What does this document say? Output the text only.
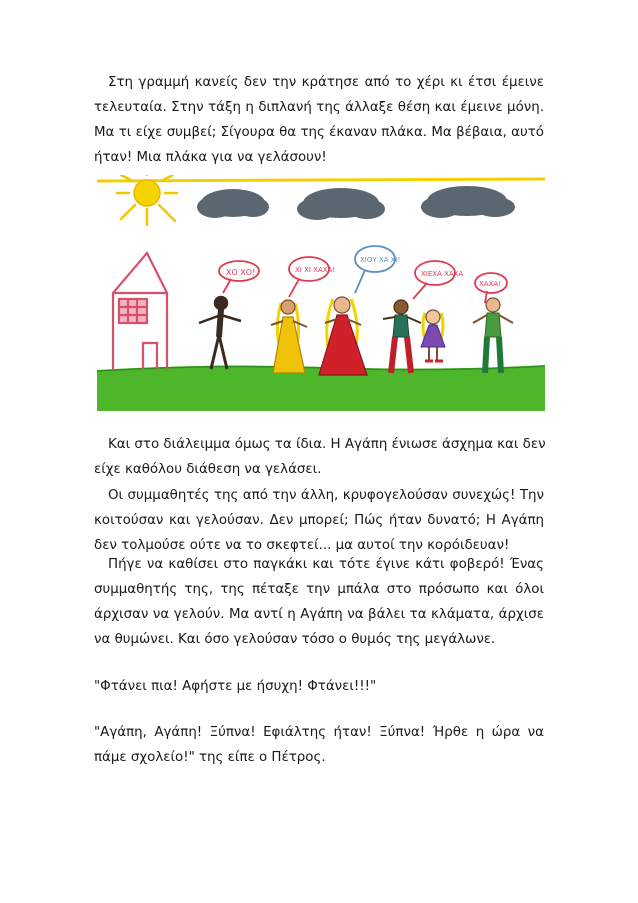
Στη γραμμή κανείς δεν την κράτησε από το χέρι κι έτσι έμεινε
τελευταία. Στην τάξη η διπλανή της άλλαξε θέση και έμεινε μόνη.
Μα τι είχε συμβεί; Σίγουρα θα της έκαναν πλάκα. Μα βέβαια, αυτό
ήταν! Μια πλάκα για να γελάσουν!
ΧΟ ΧΟ!	ΧΙ ΧΙ ΧΑΧΑ!
ΧΙΟΥ ΧΑ ΧΙ!
ΧΙΕΧΑ ΧΑΧΑ
ΧΑΧΑ!
Και στο διάλειμμα όμως τα ίδια. Η Αγάπη ένιωσε άσχημα και δεν
είχε καθόλου διάθεση να γελάσει.
Οι συμμαθητές της από την άλλη, κρυφογελούσαν συνεχώς! Την
κοιτούσαν και γελούσαν. Δεν μπορεί; Πώς ήταν δυνατό; Η Αγάπη
δεν τολμούσε ούτε να το σκεφτεί... μα αυτοί την κορόιδευαν!
Πήγε να καθίσει στο παγκάκι και τότε έγινε κάτι φοβερό! Ένας
συμμαθητής της, της πέταξε την μπάλα στο πρόσωπο και όλοι
άρχισαν να γελούν. Μα αντί η Αγάπη να βάλει τα κλάματα, άρχισε
να θυμώνει. Και όσο γελούσαν τόσο ο θυμός της μεγάλωνε.
"Φτάνει πια! Αφήστε με ήσυχη! Φτάνει!!!"
"Αγάπη, Αγάπη! Ξύπνα! Εφιάλτης ήταν! Ξύπνα! Ήρθε η ώρα να
πάμε σχολείο!" της είπε ο Πέτρος.
